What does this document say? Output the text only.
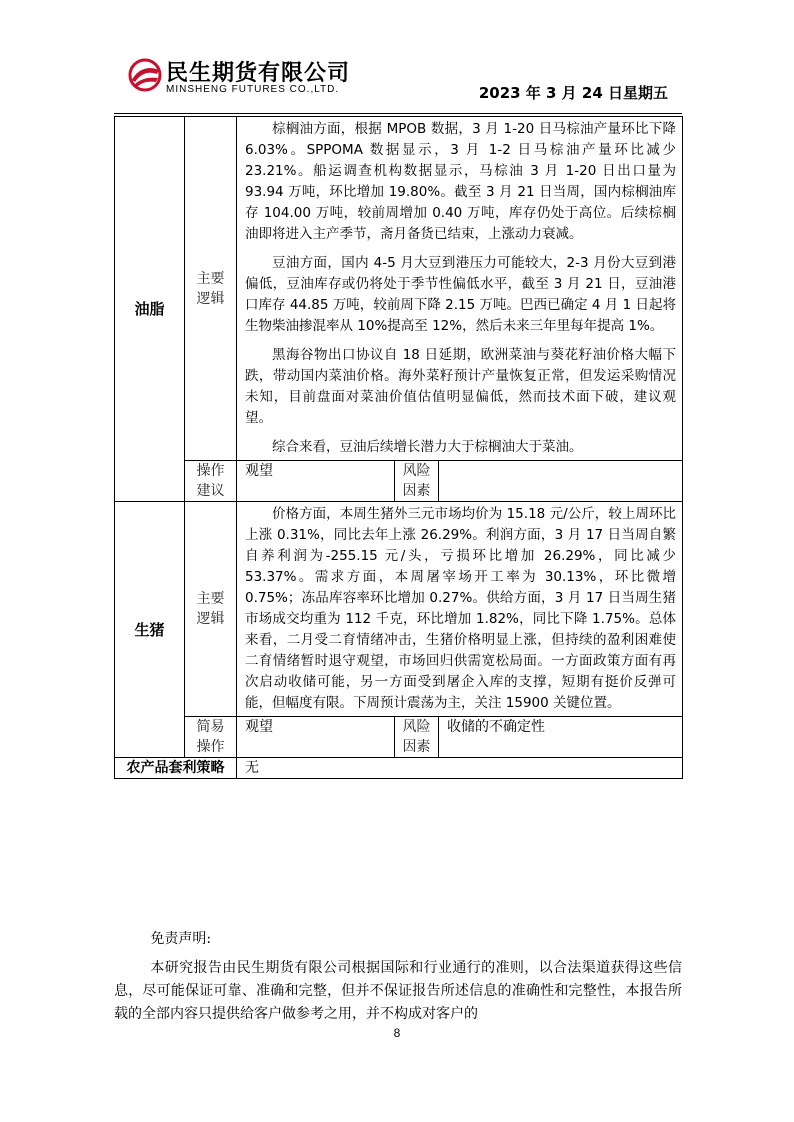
民生期货有限公司
MINSHENG FUTURES CO.,LTD.	2023 年 3 月 24 日星期五
油脂	主要逻辑	棕榈油方面，根据 MPOB 数据，3 月 1-20 日马棕油产量环比下降 6.03%。SPPOMA 数据显示，3 月 1-2 日马棕油产量环比减少 23.21%。船运调查机构数据显示，马棕油 3 月 1-20 日出口量为 93.94 万吨，环比增加 19.80%。截至 3 月 21 日当周，国内棕榈油库存 104.00 万吨，较前周增加 0.40 万吨，库存仍处于高位。后续棕榈油即将进入主产季节，斋月备货已结束，上涨动力衰减。

豆油方面，国内 4-5 月大豆到港压力可能较大，2-3 月份大豆到港偏低，豆油库存或仍将处于季节性偏低水平，截至 3 月 21 日，豆油港口库存 44.85 万吨，较前周下降 2.15 万吨。巴西已确定 4 月 1 日起将生物柴油掺混率从 10%提高至 12%，然后未来三年里每年提高 1%。

黑海谷物出口协议自 18 日延期，欧洲菜油与葵花籽油价格大幅下跌，带动国内菜油价格。海外菜籽预计产量恢复正常，但发运采购情况未知，目前盘面对菜油价值估值明显偏低，然而技术面下破，建议观望。

综合来看，豆油后续增长潜力大于棕榈油大于菜油。		

	操作建议	观望	风险因素	
生猪	主要逻辑	价格方面，本周生猪外三元市场均价为 15.18 元/公斤，较上周环比上涨 0.31%，同比去年上涨 26.29%。利润方面，3 月 17 日当周自繁自养利润为-255.15 元/头，亏损环比增加 26.29%，同比减少 53.37%。需求方面，本周屠宰场开工率为 30.13%，环比微增 0.75%；冻品库容率环比增加 0.27%。供给方面，3 月 17 日当周生猪市场成交均重为 112 千克，环比增加 1.82%，同比下降 1.75%。总体来看，二月受二育情绪冲击，生猪价格明显上涨，但持续的盈利困难使二育情绪暂时退守观望，市场回归供需宽松局面。一方面政策方面有再次启动收储可能，另一方面受到屠企入库的支撑，短期有挺价反弹可能，但幅度有限。下周预计震荡为主，关注 15900 关键位置。		

	简易操作	观望	风险因素	收储的不确定性
农产品套利策略		无		

免责声明:

本研究报告由民生期货有限公司根据国际和行业通行的准则，以合法渠道获得这些信息，尽可能保证可靠、准确和完整，但并不保证报告所述信息的准确性和完整性，本报告所载的全部内容只提供给客户做参考之用，并不构成对客户的

8
